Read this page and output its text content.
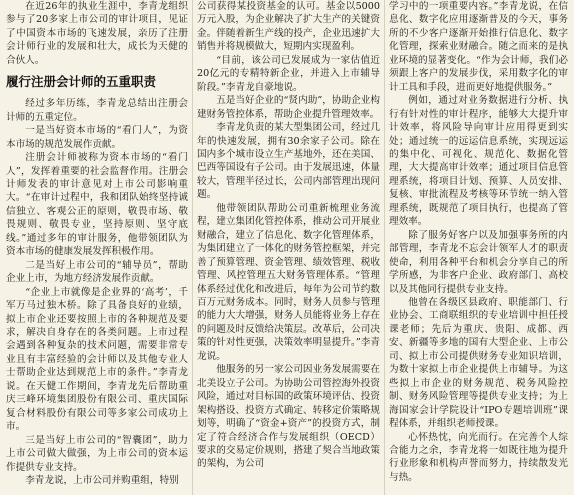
在近26年的执业生涯中，李青龙组织参与了20多家上市公司的审计项目，见证了中国资本市场的飞速发展，亲历了注册会计师行业的发展和壮大，成长为天健的合伙人。

履行注册会计师的五重职责

经过多年历练，李青龙总结出注册会计师的五重定位。

一是当好资本市场的“看门人”，为资本市场的规范发展作贡献。

注册会计师被称为资本市场的“看门人”，发挥着重要的社会监督作用。注册会计师发表的审计意见对上市公司影响重大。“在审计过程中，我和团队始终坚持诚信独立、客观公正的原则，敬畏市场、敬畏规则、敬畏专业，坚持原则、坚守底线。”通过多年的审计服务，他带领团队为资本市场的健康发展发挥积极作用。

二是当好上市公司的“辅导员”，帮助企业上市，为地方经济发展作贡献。

“企业上市就像是企业界的‘高考’，千军万马过独木桥。除了具备良好的业绩，拟上市企业还要按照上市的各种规范及要求，解决自身存在的各类问题。上市过程会遇到各种复杂的技术问题，需要非常专业且有丰富经验的会计师以及其他专业人士帮助企业达到规范上市的条件。”李青龙说。在天健工作期间，李青龙先后帮助重庆三峰环境集团股份有限公司、重庆国际复合材料股份有限公司等多家公司成功上市。

三是当好上市公司的“智囊团”，助力上市公司做大做强，为上市公司的资本运作提供专业支持。

李青龙说，上市公司并购重组，特别

公司获得某投资基金的认可。基金以5000万元入股，为企业解决了扩大生产的关键资金。伴随着新生产线的投产，企业迅速扩大销售并将规模做大，短期内实现盈利。

“目前，该公司已发展成为一家估值近20亿元的专精特新企业，并进入上市辅导阶段。”李青龙自豪地说。

五是当好企业的“贤内助”，协助企业构建财务管控体系，帮助企业提升管理效率。

李青龙负责的某大型集团公司，经过几年的快速发展，拥有30余家子公司。除在国内多个城市设立生产基地外，还在美国、巴西等国设有子公司。由于发展迅速，体量较大，管理半径过长，公司内部管理出现问题。

他带领团队帮助公司重新梳理业务流程，建立集团化管控体系，推动公司开展业财融合，建立了信息化、数字化管理体系，为集团建立了一体化的财务管控框架，并完善了预算管理、资金管理、绩效管理、税收管理、风控管理五大财务管理体系。“管理体系经过优化和改进后，每年为公司节约数百万元财务成本。同时，财务人员参与管理的能力大大增强，财务人员能将业务上存在的问题及时反馈给决策层。改革后，公司决策的针对性更强，决策效率明显提升。”李青龙说。

他服务的另一家公司因业务发展需要在北美设立子公司。为协助公司管控海外投资风险，通过对目标国的政策环境评估、投资架构搭设、投资方式确定、转移定价策略规划等，明确了“资金+资产”的投资方式，制定了符合经济合作与发展组织（OECD）要求的交易定价规则，搭建了契合当地政策的架构，为公司

学习中的一项重要内容。”李青龙说，在信息化、数字化应用逐渐普及的今天，事务所的不少客户逐渐开始推行信息化、数字化管理，探索业财融合。随之而来的是执业环境的显著变化。“作为会计师，我们必须跟上客户的发展步伐，采用数字化的审计工具和手段，进而更好地提供服务。”

例如，通过对业务数据进行分析、执行有针对性的审计程序，能够大大提升审计效率，将风险导向审计应用得更到实处；通过统一的远运信息系统，实现远运的集中化、可视化、规范化、数据化管理，大大提高审计效率；通过项目信息管理系统，将项目计划、预算、人员安排、复核、审批流程及考核等环节统一纳入管理系统，既规范了项目执行，也提高了管理效率。

除了服务好客户以及加强事务所的内部管理，李青龙不忘会计领军人才的职责使命，利用各种平台和机会分享自己的所学所感，为非客户企业、政府部门、高校以及其他同行提供专业支持。

他曾在各级区县政府、职能部门、行业协会、工商联组织的专业培训中担任授课老师；先后为重庆、贵阳、成都、西安、新疆等多地的国有大型企业、上市公司、拟上市公司提供财务专业知识培训，为数十家拟上市企业提供上市辅导。为这些拟上市企业的财务规范、税务风险控制、财务风险管理等提供专业支持；为上海国家会计学院设计“IPO专题培训班”课程体系，并组织老师授课。

心怀热忱，向光而行。在完善个人综合能力之余，李青龙将一如既往地为提升行业形象和机构声誉而努力，持续散发光与热。
